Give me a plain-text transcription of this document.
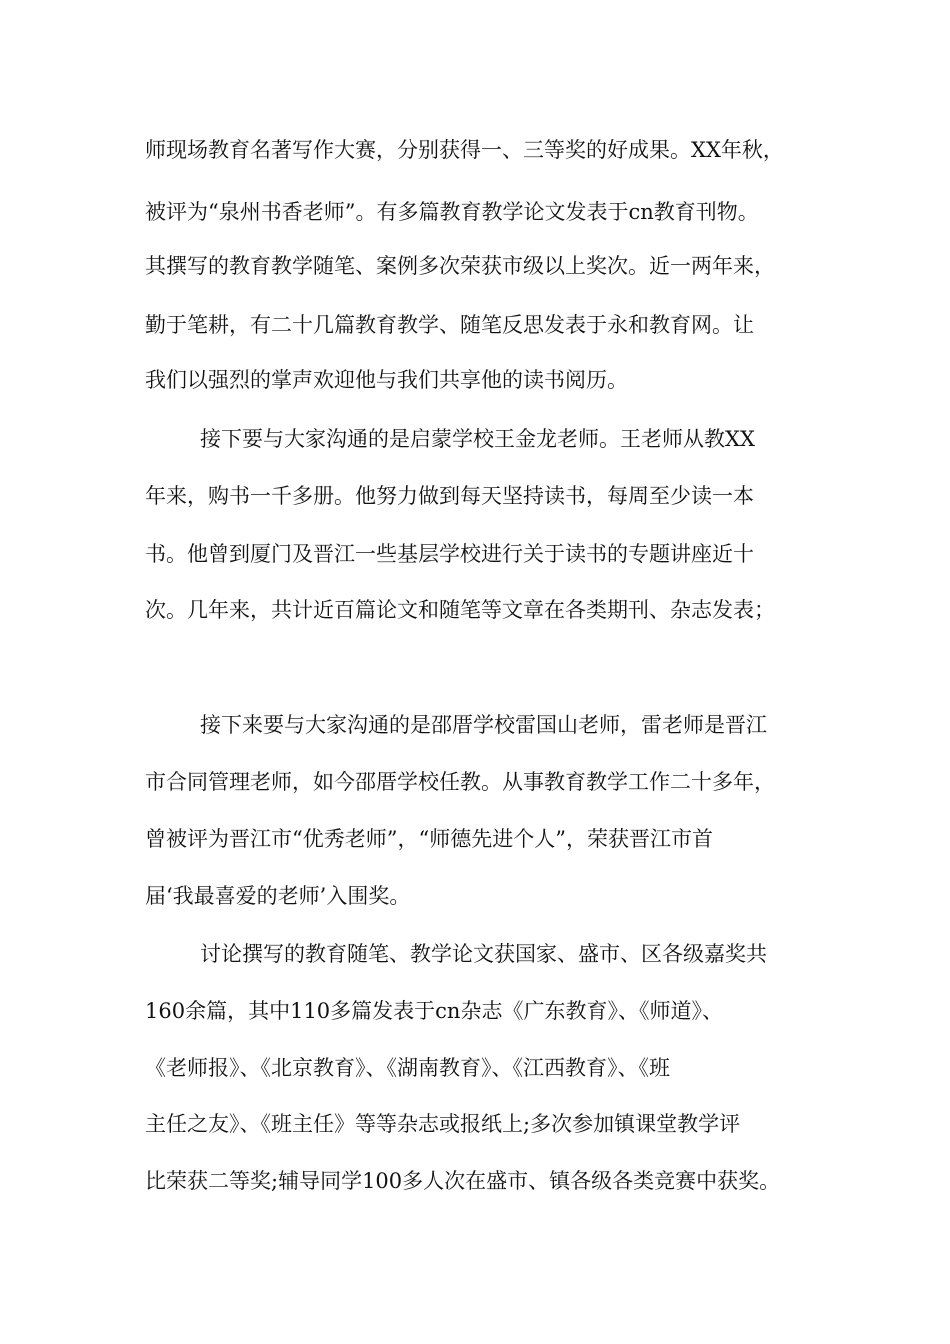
师现场教育名著写作大赛，分别获得一、三等奖的好成果。XX年秋，

被评为“泉州书香老师”。有多篇教育教学论文发表于cn教育刊物。

其撰写的教育教学随笔、案例多次荣获市级以上奖次。近一两年来，

勤于笔耕，有二十几篇教育教学、随笔反思发表于永和教育网。让

我们以强烈的掌声欢迎他与我们共享他的读书阅历。

接下要与大家沟通的是启蒙学校王金龙老师。王老师从教XX

年来，购书一千多册。他努力做到每天坚持读书，每周至少读一本

书。他曾到厦门及晋江一些基层学校进行关于读书的专题讲座近十

次。几年来，共计近百篇论文和随笔等文章在各类期刊、杂志发表；

接下来要与大家沟通的是邵厝学校雷国山老师，雷老师是晋江

市合同管理老师，如今邵厝学校任教。从事教育教学工作二十多年，

曾被评为晋江市“优秀老师”，“师德先进个人”，荣获晋江市首

届‘我最喜爱的老师’入围奖。

讨论撰写的教育随笔、教学论文获国家、盛市、区各级嘉奖共

160余篇，其中110多篇发表于cn杂志《广东教育》、《师道》、

《老师报》、《北京教育》、《湖南教育》、《江西教育》、《班

主任之友》、《班主任》等等杂志或报纸上;多次参加镇课堂教学评

比荣获二等奖;辅导同学100多人次在盛市、镇各级各类竞赛中获奖。
